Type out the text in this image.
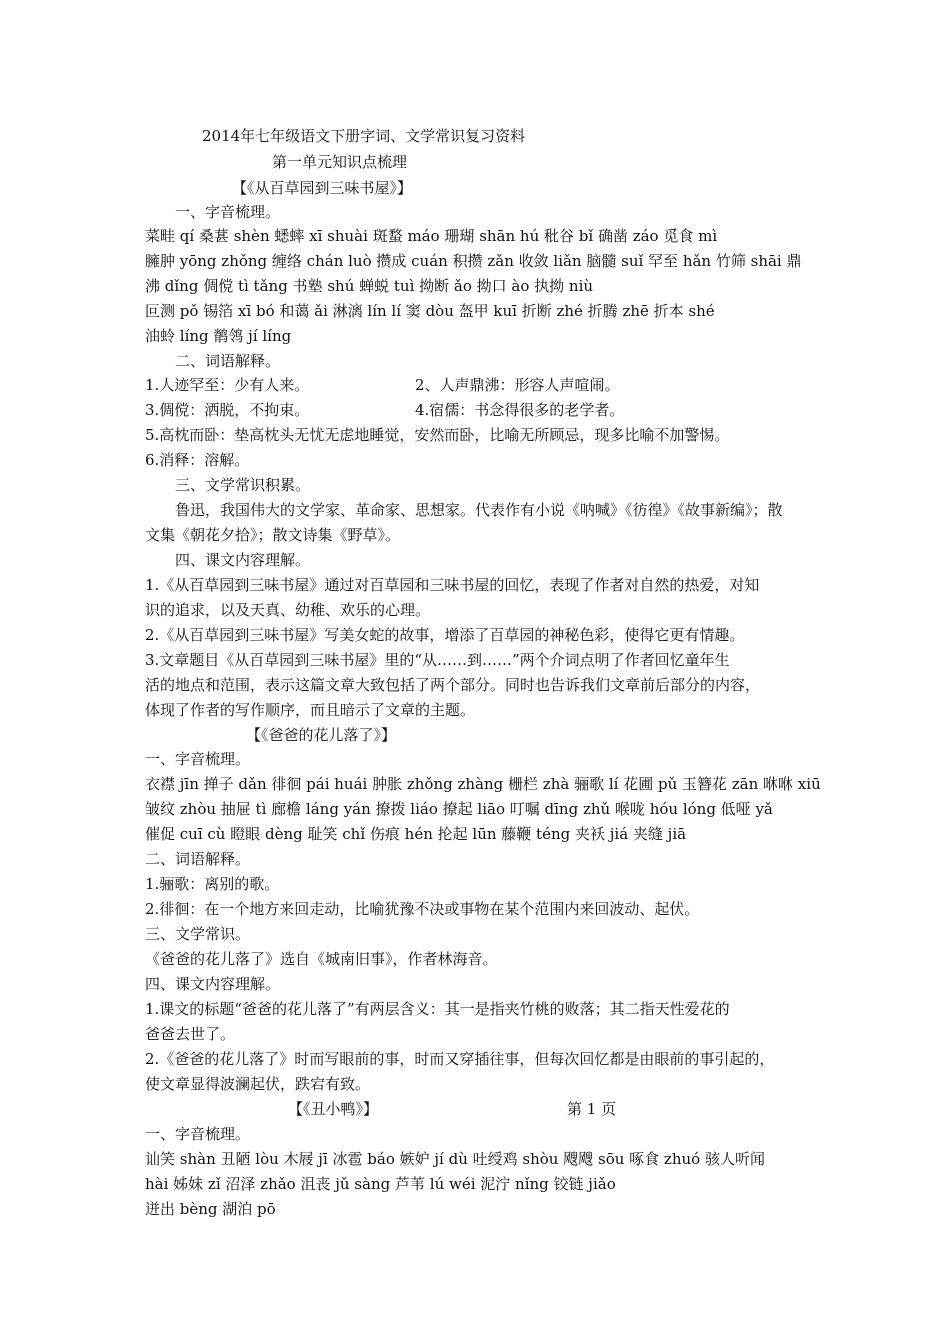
2014年七年级语文下册字词、文学常识复习资料
第一单元知识点梳理
【《从百草园到三味书屋》】
一、字音梳理。
菜畦 qí 桑葚 shèn 蟋蟀 xī shuài 斑蝥 máo 珊瑚 shān hú 秕谷 bǐ 确凿 záo 觅食 mì
臃肿 yōng zhǒng 缠络 chán luò 攒成 cuán 积攒 zǎn 收敛 liǎn 脑髓 suǐ 罕至 hǎn 竹筛 shāi 鼎
沸 dǐng 倜傥 tì tǎng 书塾 shú 蝉蜕 tuì 拗断 ǎo 拗口 ào 执拗 niù
叵测 pǒ 锡箔 xī bó 和蔼 ǎi 淋漓 lín lí 窦 dòu 盔甲 kuī 折断 zhé 折腾 zhē 折本 shé
油蛉 líng 鹡鸰 jí líng
二、词语解释。
1.人迹罕至：少有人来。	2、人声鼎沸：形容人声喧闹。
3.倜傥：洒脱，不拘束。	4.宿儒：书念得很多的老学者。
5.高枕而卧：垫高枕头无忧无虑地睡觉，安然而卧，比喻无所顾忌，现多比喻不加警惕。
6.消释：溶解。
三、文学常识积累。
鲁迅，我国伟大的文学家、革命家、思想家。代表作有小说《呐喊》《彷徨》《故事新编》；散
文集《朝花夕拾》；散文诗集《野草》。
四、课文内容理解。
1.《从百草园到三味书屋》通过对百草园和三味书屋的回忆，表现了作者对自然的热爱，对知
识的追求，以及天真、幼稚、欢乐的心理。
2.《从百草园到三味书屋》写美女蛇的故事，增添了百草园的神秘色彩，使得它更有情趣。
3.文章题目《从百草园到三味书屋》里的“从……到……”两个介词点明了作者回忆童年生
活的地点和范围，表示这篇文章大致包括了两个部分。同时也告诉我们文章前后部分的内容，
体现了作者的写作顺序，而且暗示了文章的主题。
【《爸爸的花儿落了》】
一、字音梳理。
衣襟 jīn 掸子 dǎn 徘徊 pái huái 肿胀 zhǒng zhàng 栅栏 zhà 骊歌 lí 花圃 pǔ 玉簪花 zān 咻咻 xiū
皱纹 zhòu 抽屉 tì 廊檐 láng yán 撩拨 liáo 撩起 liāo 叮嘱 dīng zhǔ 喉咙 hóu lóng 低哑 yǎ
催促 cuī cù 瞪眼 dèng 耻笑 chǐ 伤痕 hén 抡起 lūn 藤鞭 téng 夹袄 jiá 夹缝 jiā
二、词语解释。
1.骊歌：离别的歌。
2.徘徊：在一个地方来回走动，比喻犹豫不决或事物在某个范围内来回波动、起伏。
三、文学常识。
《爸爸的花儿落了》选自《城南旧事》，作者林海音。
四、课文内容理解。
1.课文的标题“爸爸的花儿落了”有两层含义：其一是指夹竹桃的败落；其二指天性爱花的
爸爸去世了。
2.《爸爸的花儿落了》时而写眼前的事，时而又穿插往事，但每次回忆都是由眼前的事引起的，
使文章显得波澜起伏，跌宕有致。
【《丑小鸭》】	第 1 页
一、字音梳理。
讪笑 shàn 丑陋 lòu 木屐 jī 冰雹 báo 嫉妒 jí dù 吐绶鸡 shòu 飕飕 sōu 啄食 zhuó 骇人听闻
hài 姊妹 zǐ 沼泽 zhǎo 沮丧 jǔ sàng 芦苇 lú wéi 泥泞 nǐng 铰链 jiǎo
迸出 bèng 湖泊 pō
